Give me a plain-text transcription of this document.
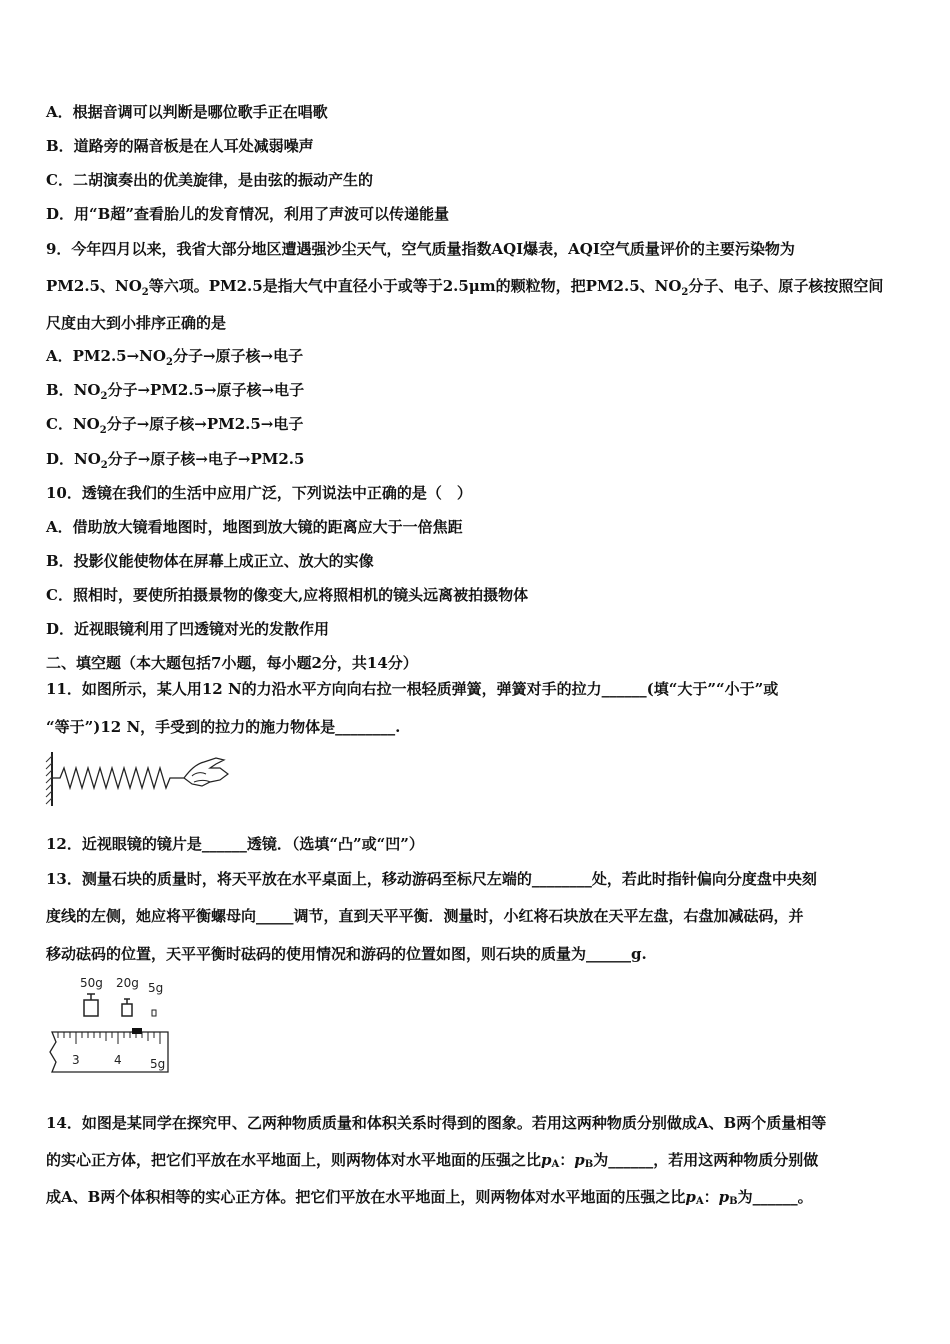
A．根据音调可以判断是哪位歌手正在唱歌
B．道路旁的隔音板是在人耳处减弱噪声
C．二胡演奏出的优美旋律，是由弦的振动产生的
D．用“B超”查看胎儿的发育情况，利用了声波可以传递能量
9．今年四月以来，我省大部分地区遭遇强沙尘天气，空气质量指数AQI爆表，AQI空气质量评价的主要污染物为
PM2.5、$NO_2$等六项。PM2.5是指大气中直径小于或等于2.5μm的颗粒物，把PM2.5、$NO_2$分子、电子、原子核按照空间
尺度由大到小排序正确的是
A．$PM2.5\to NO_2$分子→原子核→电子
B．$NO_2$分子→PM2.5→原子核→电子
C．$NO_2$分子→原子核→PM2.5→电子
D．$NO_2$分子→原子核→电子→PM2.5
10．透镜在我们的生活中应用广泛，下列说法中正确的是（　）
A．借助放大镜看地图时，地图到放大镜的距离应大于一倍焦距
B．投影仪能使物体在屏幕上成正立、放大的实像
C．照相时，要使所拍摄景物的像变大,应将照相机的镜头远离被拍摄物体
D．近视眼镜利用了凹透镜对光的发散作用
二、填空题（本大题包括7小题，每小题2分，共14分）
11．如图所示，某人用12 N的力沿水平方向向右拉一根轻质弹簧，弹簧对手的拉力______(填“大于”“小于”或
“等于”)12 N，手受到的拉力的施力物体是________.
12．近视眼镜的镜片是______透镜．（选填“凸”或“凹”）
13．测量石块的质量时，将天平放在水平桌面上，移动游码至标尺左端的________处，若此时指针偏向分度盘中央刻
度线的左侧，她应将平衡螺母向_____调节，直到天平平衡．测量时，小红将石块放在天平左盘，右盘加减砝码，并
移动砝码的位置，天平平衡时砝码的使用情况和游码的位置如图，则石块的质量为______g.
50g 20g 5g
3	4 5g
14．如图是某同学在探究甲、乙两种物质质量和体积关系时得到的图象。若用这两种物质分别做成A、B两个质量相等
的实心正方体，把它们平放在水平地面上，则两物体对水平地面的压强之比pA：pB为______，若用这两种物质分别做
成A、B两个体积相等的实心正方体。把它们平放在水平地面上，则两物体对水平地面的压强之比pA：pB为______。
